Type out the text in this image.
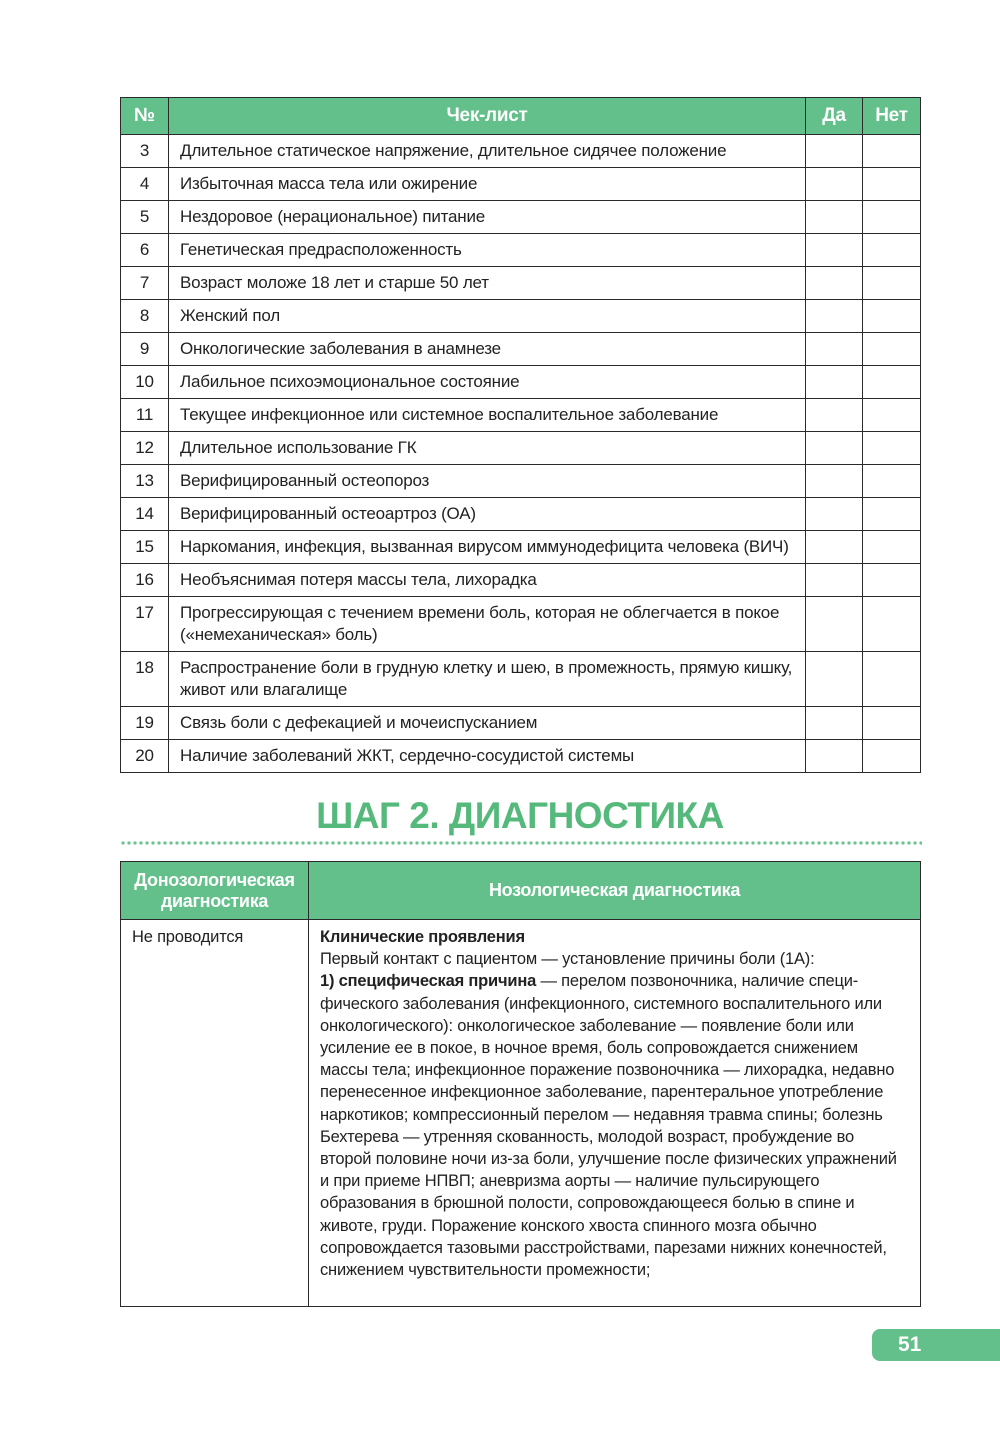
№	Чек-лист	Да	Нет
3	Длительное статическое напряжение, длительное сидячее положение		
4	Избыточная масса тела или ожирение		
5	Нездоровое (нерациональное) питание		
6	Генетическая предрасположенность		
7	Возраст моложе 18 лет и старше 50 лет		
8	Женский пол		
9	Онкологические заболевания в анамнезе		
10	Лабильное психоэмоциональное состояние		
11	Текущее инфекционное или системное воспалительное заболевание		
12	Длительное использование ГК		
13	Верифицированный остеопороз		
14	Верифицированный остеоартроз (ОА)		
15	Наркомания, инфекция, вызванная вирусом иммунодефицита человека (ВИЧ)		
16	Необъяснимая потеря массы тела, лихорадка		
17	Прогрессирующая с течением времени боль, которая не облегчается в покое («немеханическая» боль)		
18	Распространение боли в грудную клетку и шею, в промежность, прямую кишку, живот или влагалище		
19	Связь боли с дефекацией и мочеиспусканием		
20	Наличие заболеваний ЖКТ, сердечно-сосудистой системы		
ШАГ 2. ДИАГНОСТИКА
Донозологическая диагностика	Нозологическая диагностика
Не проводится	Клинические проявления

Первый контакт с пациентом — установление причины боли (1А):

1) специфическая причина — перелом позвоночника, наличие специфического заболевания (инфекционного, системного воспалительного или онкологического): онкологическое заболевание — появление боли или усиление ее в покое, в ночное время, боль сопровождается снижением массы тела; инфекционное поражение позвоночника — лихорадка, недавно перенесенное инфекционное заболевание, парентеральное употребление наркотиков; компрессионный перелом — недавняя травма спины; болезнь Бехтерева — утренняя скованность, молодой возраст, пробуждение во второй половине ночи из-за боли, улучшение после физических упражнений и при приеме НПВП; аневризма аорты — наличие пульсирующего образования в брюшной полости, сопровождающееся болью в спине и животе, груди. Поражение конского хвоста спинного мозга обычно сопровождается тазовыми расстройствами, парезами нижних конечностей, снижением чувствительности промежности;

51
